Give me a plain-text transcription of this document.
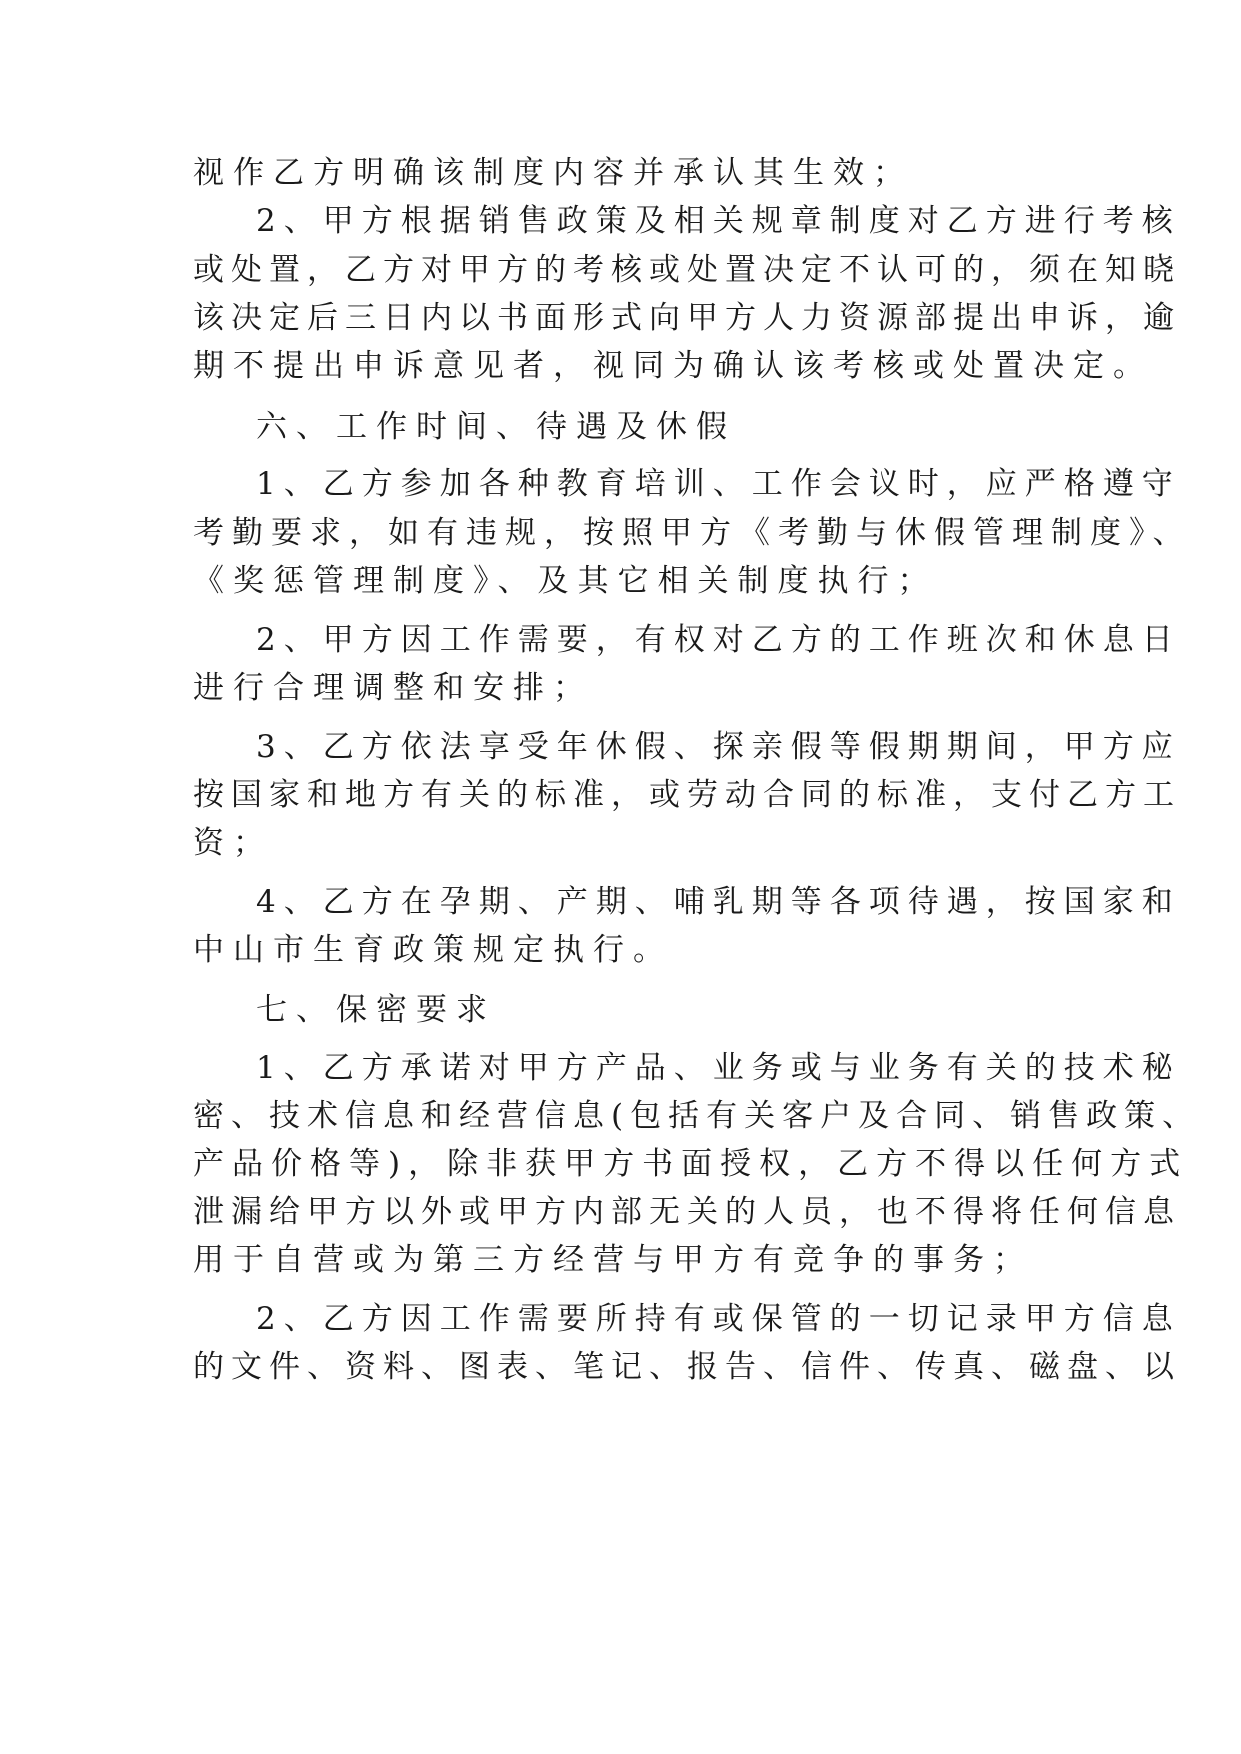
视作乙方明确该制度内容并承认其生效；
2、甲方根据销售政策及相关规章制度对乙方进行考核
或处置，乙方对甲方的考核或处置决定不认可的，须在知晓
该决定后三日内以书面形式向甲方人力资源部提出申诉，逾
期不提出申诉意见者，视同为确认该考核或处置决定。
六、工作时间、待遇及休假
1、乙方参加各种教育培训、工作会议时，应严格遵守
考勤要求，如有违规，按照甲方《考勤与休假管理制度》、
《奖惩管理制度》、及其它相关制度执行；
2、甲方因工作需要，有权对乙方的工作班次和休息日
进行合理调整和安排；
3、乙方依法享受年休假、探亲假等假期期间，甲方应
按国家和地方有关的标准，或劳动合同的标准，支付乙方工
资；
4、乙方在孕期、产期、哺乳期等各项待遇，按国家和
中山市生育政策规定执行。
七、保密要求
1、乙方承诺对甲方产品、业务或与业务有关的技术秘
密、技术信息和经营信息(包括有关客户及合同、销售政策、
产品价格等)，除非获甲方书面授权，乙方不得以任何方式
泄漏给甲方以外或甲方内部无关的人员，也不得将任何信息
用于自营或为第三方经营与甲方有竞争的事务；
2、乙方因工作需要所持有或保管的一切记录甲方信息
的文件、资料、图表、笔记、报告、信件、传真、磁盘、以
